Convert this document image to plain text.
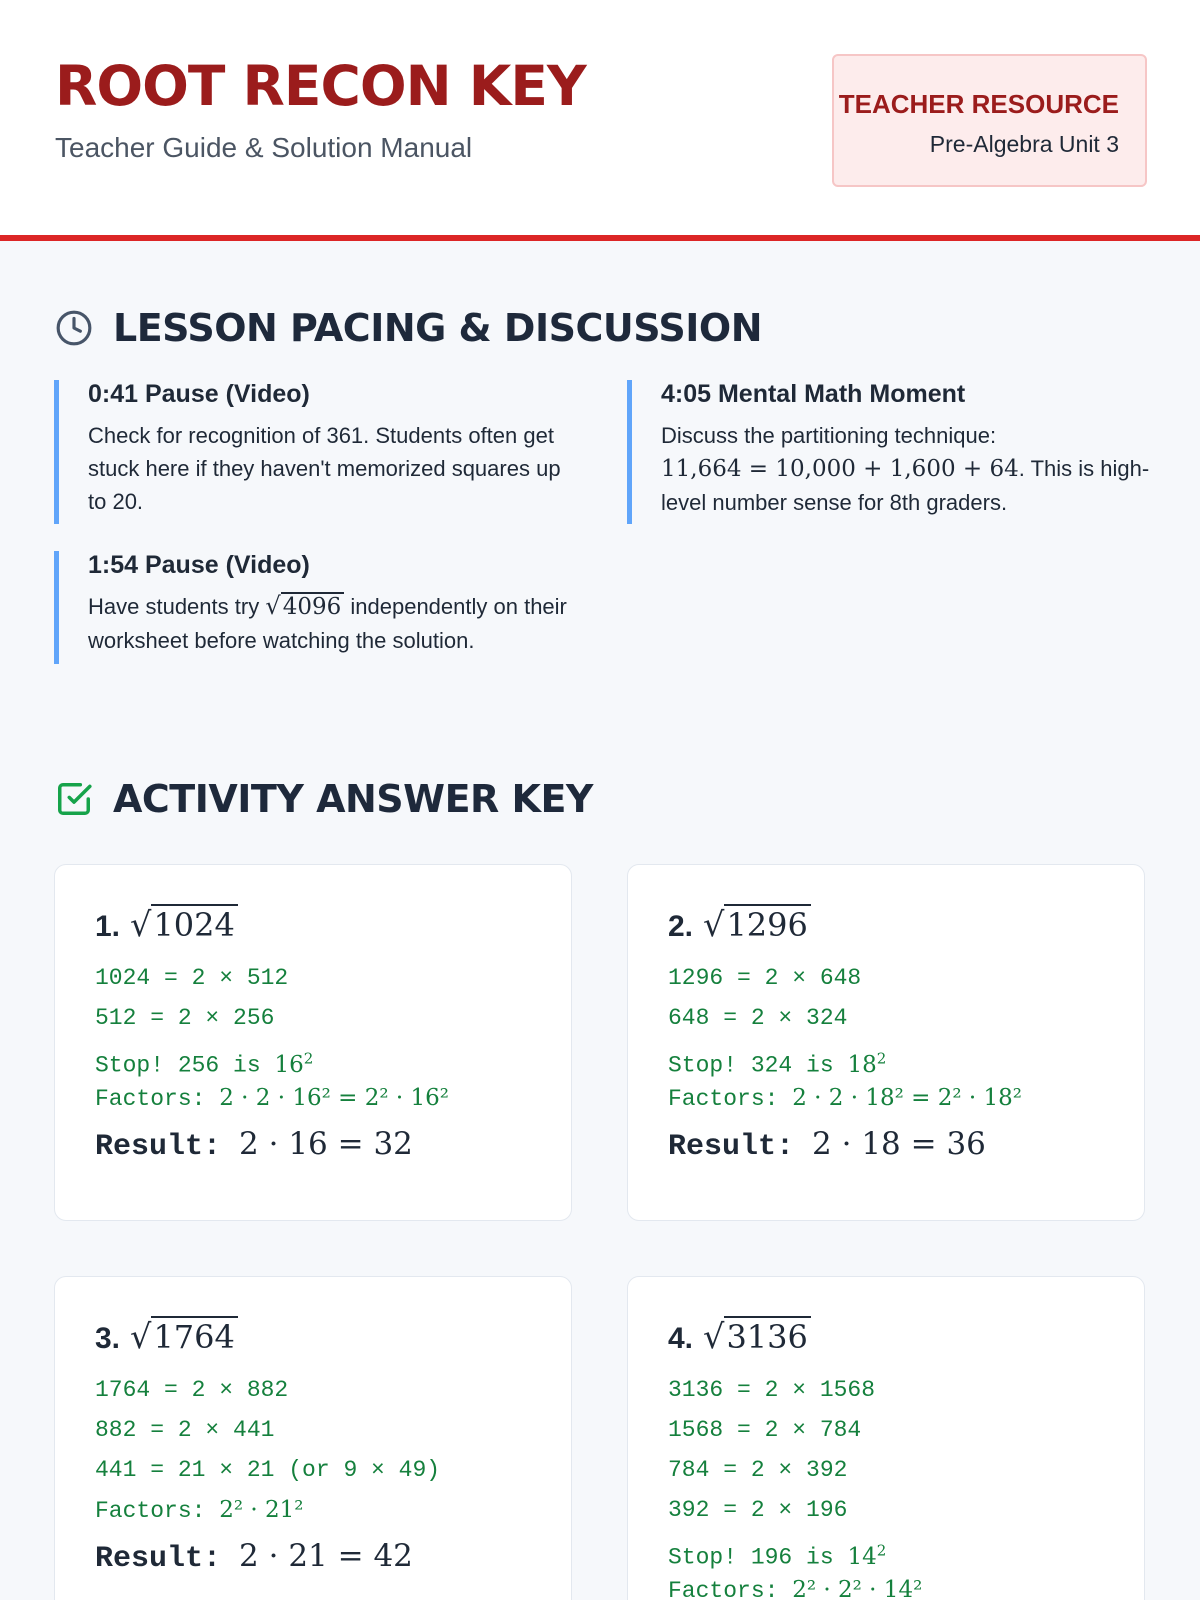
ROOT RECON KEY
Teacher Guide & Solution Manual
TEACHER RESOURCE
Pre-Algebra Unit 3
LESSON PACING & DISCUSSION
0:41 Pause (Video)
Check for recognition of 361. Students often get stuck here if they haven't memorized squares up to 20.
4:05 Mental Math Moment
Discuss the partitioning technique:
11,664 = 10,000 + 1,600 + 64. This is high-level number sense for 8th graders.
1:54 Pause (Video)
Have students try √4096 independently on their worksheet before watching the solution.
ACTIVITY ANSWER KEY
1. √1024
1024 = 2 × 512
512 = 2 × 256
Stop! 256 is $16^2$
Factors: 2 · 2 · 16² = 2² · 16²
Result: 2 · 16 = 32
2. √1296
1296 = 2 × 648
648 = 2 × 324
Stop! 324 is $18^2$
Factors: 2 · 2 · 18² = 2² · 18²
Result: 2 · 18 = 36
3. √1764
1764 = 2 × 882
882 = 2 × 441
441 = 21 × 21 (or 9 × 49)
Factors: 2² · 21²
Result: 2 · 21 = 42
4. √3136
3136 = 2 × 1568
1568 = 2 × 784
784 = 2 × 392
392 = 2 × 196
Stop! 196 is $14^2$
Factors: 2² · 2² · 14²
